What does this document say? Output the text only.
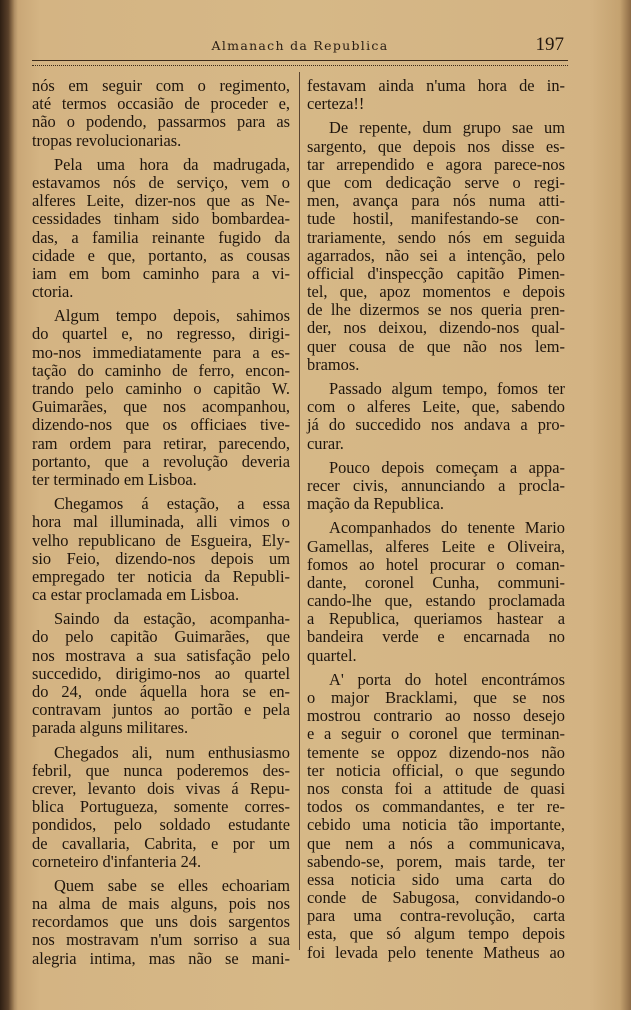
Almanach da Republica	197
nós em seguir com o regimento,
até termos occasião de proceder e,
não o podendo, passarmos para as
tropas revolucionarias.
Pela uma hora da madrugada,
estavamos nós de serviço, vem o
alferes Leite, dizer-nos que as Ne-
cessidades tinham sido bombardea-
das, a familia reinante fugido da
cidade e que, portanto, as cousas
iam em bom caminho para a vi-
ctoria.
Algum tempo depois, sahimos
do quartel e, no regresso, dirigi-
mo-nos immediatamente para a es-
tação do caminho de ferro, encon-
trando pelo caminho o capitão W.
Guimarães, que nos acompanhou,
dizendo-nos que os officiaes tive-
ram ordem para retirar, parecendo,
portanto, que a revolução deveria
ter terminado em Lisboa.
Chegamos á estação, a essa
hora mal illuminada, alli vimos o
velho republicano de Esgueira, Ely-
sio Feio, dizendo-nos depois um
empregado ter noticia da Republi-
ca estar proclamada em Lisboa.
Saindo da estação, acompanha-
do pelo capitão Guimarães, que
nos mostrava a sua satisfação pelo
succedido, dirigimo-nos ao quartel
do 24, onde áquella hora se en-
contravam juntos ao portão e pela
parada alguns militares.
Chegados ali, num enthusiasmo
febril, que nunca poderemos des-
crever, levanto dois vivas á Repu-
blica Portugueza, somente corres-
pondidos, pelo soldado estudante
de cavallaria, Cabrita, e por um
corneteiro d'infanteria 24.
Quem sabe se elles echoariam
na alma de mais alguns, pois nos
recordamos que uns dois sargentos
nos mostravam n'um sorriso a sua
alegria intima, mas não se mani-
festavam ainda n'uma hora de in-
certeza!!
De repente, dum grupo sae um
sargento, que depois nos disse es-
tar arrependido e agora parece-nos
que com dedicação serve o regi-
men, avança para nós numa atti-
tude hostil, manifestando-se con-
trariamente, sendo nós em seguida
agarrados, não sei a intenção, pelo
official d'inspecção capitão Pimen-
tel, que, apoz momentos e depois
de lhe dizermos se nos queria pren-
der, nos deixou, dizendo-nos qual-
quer cousa de que não nos lem-
bramos.
Passado algum tempo, fomos ter
com o alferes Leite, que, sabendo
já do succedido nos andava a pro-
curar.
Pouco depois começam a appa-
recer civis, annunciando a procla-
mação da Republica.
Acompanhados do tenente Mario
Gamellas, alferes Leite e Oliveira,
fomos ao hotel procurar o coman-
dante, coronel Cunha, communi-
cando-lhe que, estando proclamada
a Republica, queriamos hastear a
bandeira verde e encarnada no
quartel.
A' porta do hotel encontrámos
o major Bracklami, que se nos
mostrou contrario ao nosso desejo
e a seguir o coronel que terminan-
temente se oppoz dizendo-nos não
ter noticia official, o que segundo
nos consta foi a attitude de quasi
todos os commandantes, e ter re-
cebido uma noticia tão importante,
que nem a nós a communicava,
sabendo-se, porem, mais tarde, ter
essa noticia sido uma carta do
conde de Sabugosa, convidando-o
para uma contra-revolução, carta
esta, que só algum tempo depois
foi levada pelo tenente Matheus ao
